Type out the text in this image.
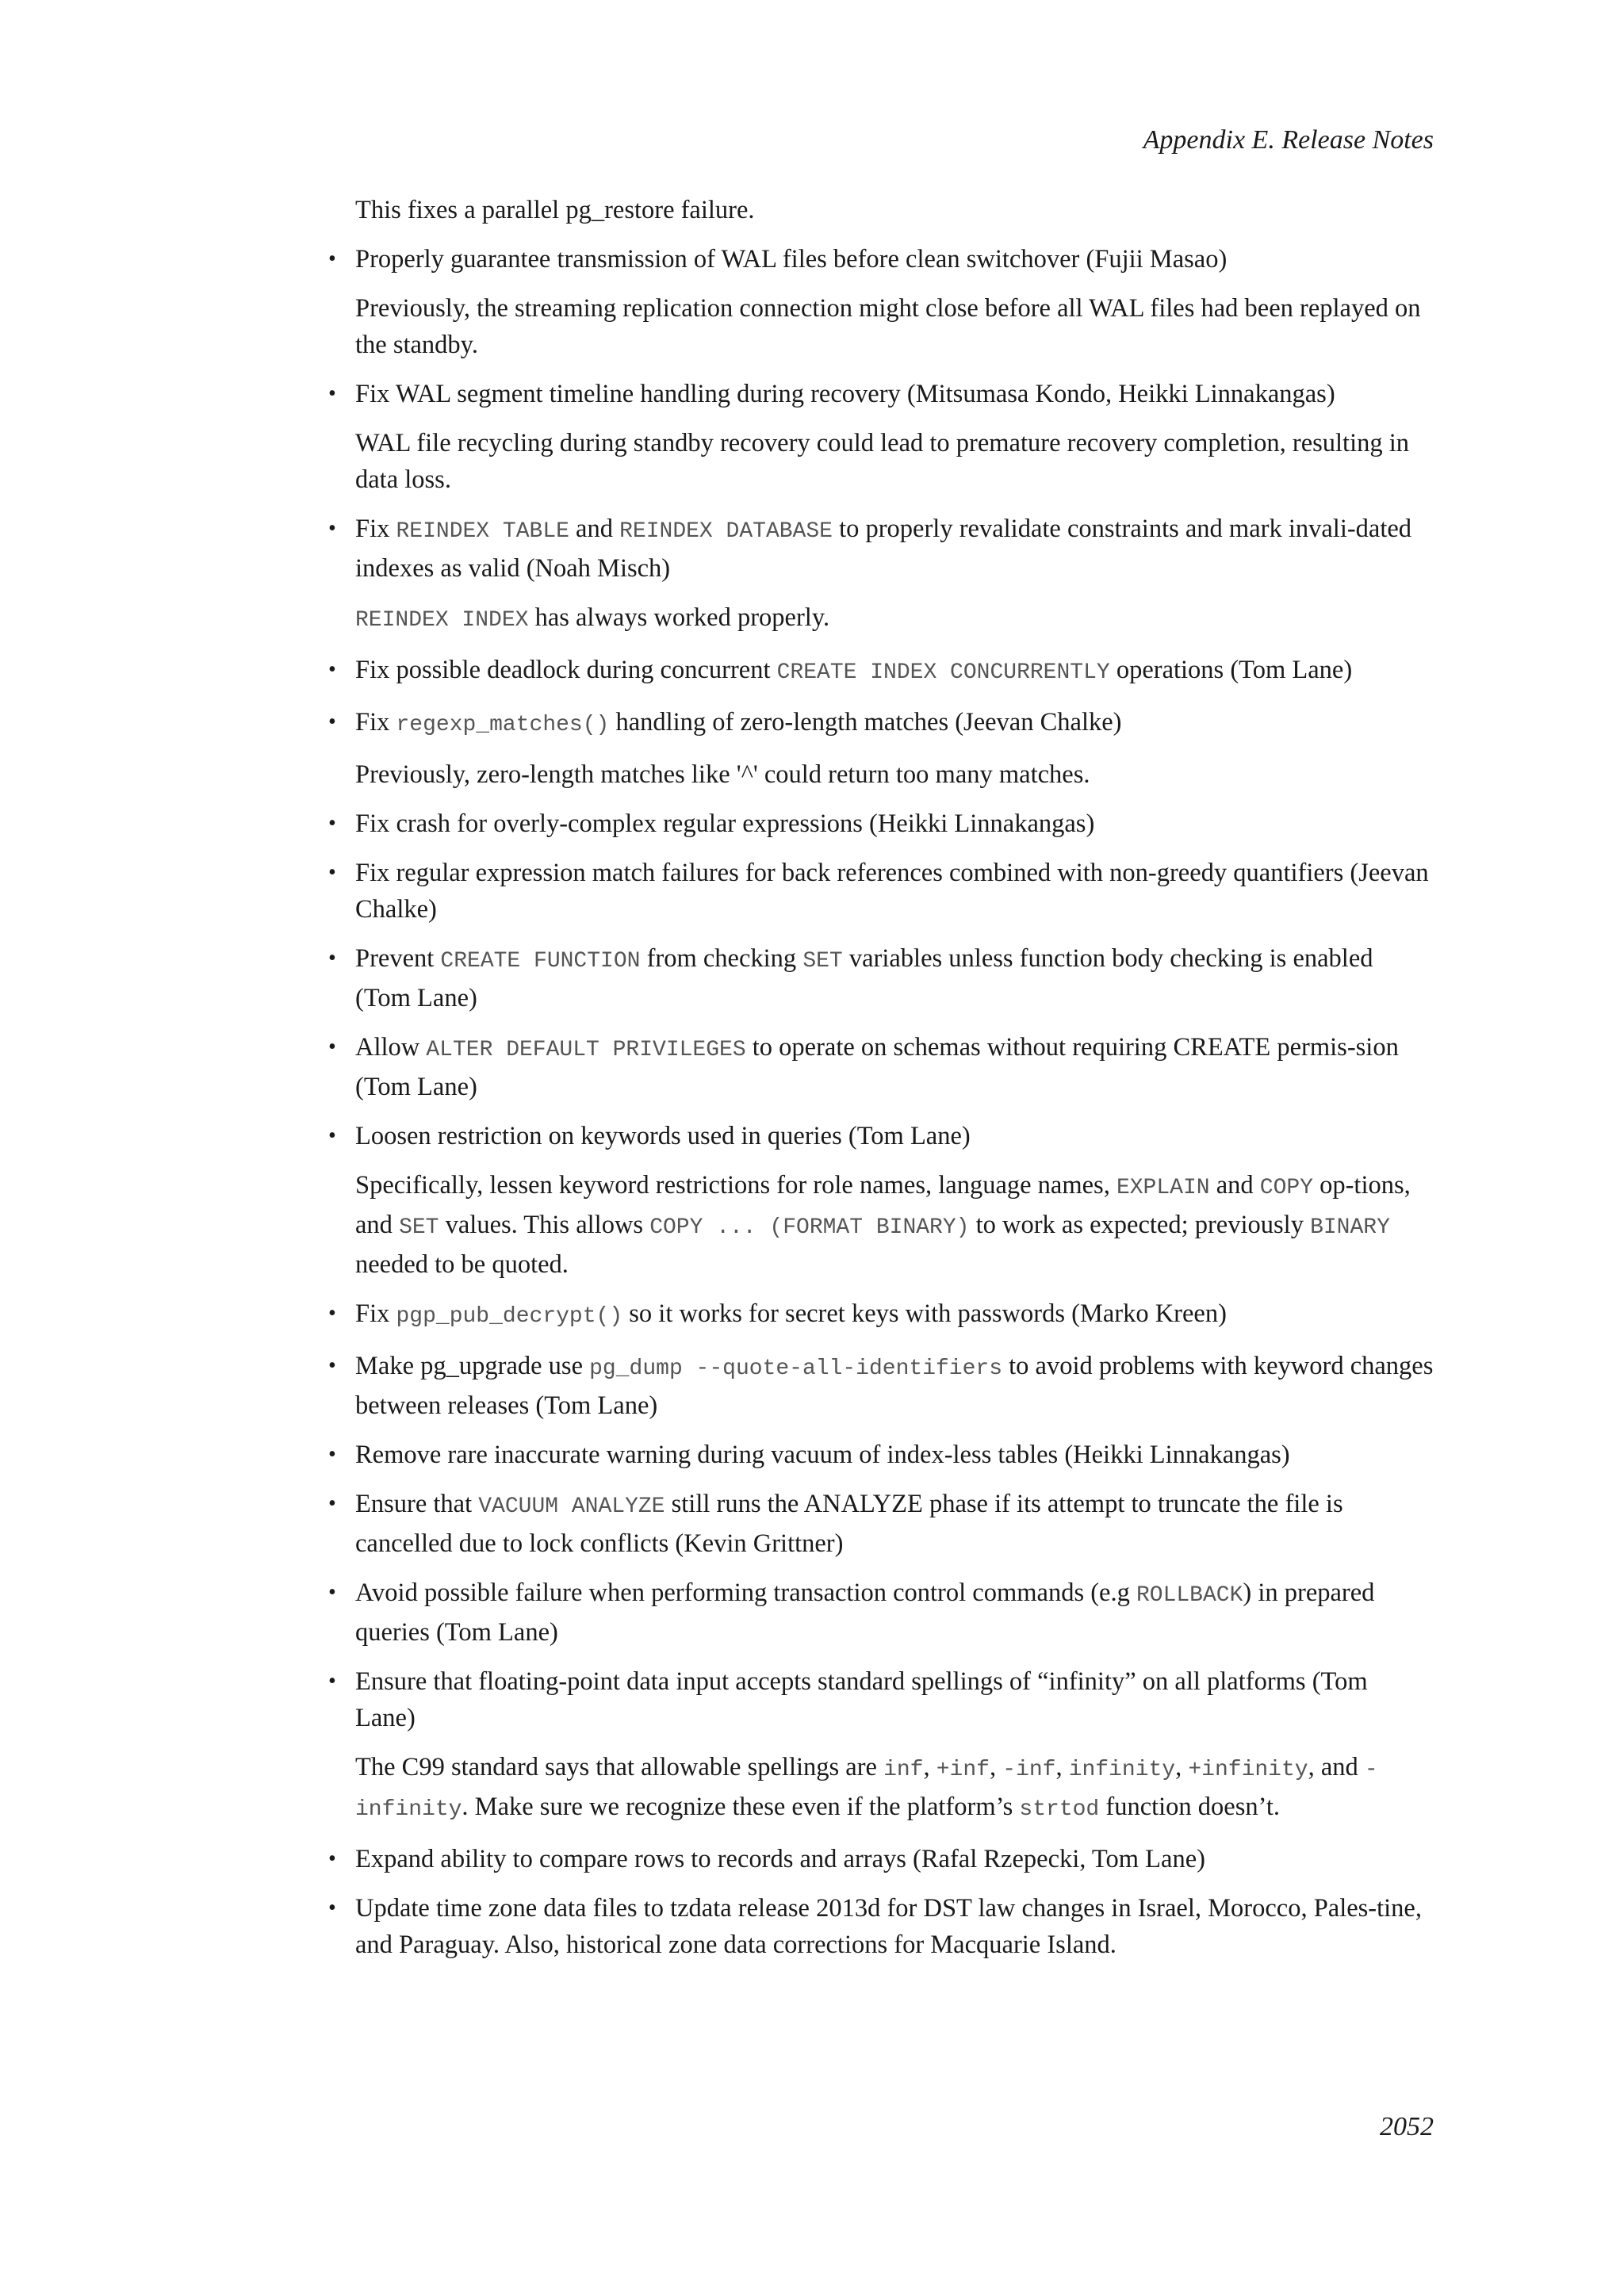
Appendix E. Release Notes

This fixes a parallel pg_restore failure.

• Properly guarantee transmission of WAL files before clean switchover (Fujii Masao)

Previously, the streaming replication connection might close before all WAL files had been replayed on the standby.

• Fix WAL segment timeline handling during recovery (Mitsumasa Kondo, Heikki Linnakangas)

WAL file recycling during standby recovery could lead to premature recovery completion, resulting in data loss.

• Fix REINDEX TABLE and REINDEX DATABASE to properly revalidate constraints and mark invali-dated indexes as valid (Noah Misch)

REINDEX INDEX has always worked properly.

• Fix possible deadlock during concurrent CREATE INDEX CONCURRENTLY operations (Tom Lane)

• Fix regexp_matches() handling of zero-length matches (Jeevan Chalke)

Previously, zero-length matches like '^' could return too many matches.

• Fix crash for overly-complex regular expressions (Heikki Linnakangas)

• Fix regular expression match failures for back references combined with non-greedy quantifiers (Jeevan Chalke)

• Prevent CREATE FUNCTION from checking SET variables unless function body checking is enabled (Tom Lane)

• Allow ALTER DEFAULT PRIVILEGES to operate on schemas without requiring CREATE permis-sion (Tom Lane)

• Loosen restriction on keywords used in queries (Tom Lane)

Specifically, lessen keyword restrictions for role names, language names, EXPLAIN and COPY op-tions, and SET values. This allows COPY ... (FORMAT BINARY) to work as expected; previously BINARY needed to be quoted.

• Fix pgp_pub_decrypt() so it works for secret keys with passwords (Marko Kreen)

• Make pg_upgrade use pg_dump --quote-all-identifiers to avoid problems with keyword changes between releases (Tom Lane)

• Remove rare inaccurate warning during vacuum of index-less tables (Heikki Linnakangas)

• Ensure that VACUUM ANALYZE still runs the ANALYZE phase if its attempt to truncate the file is cancelled due to lock conflicts (Kevin Grittner)

• Avoid possible failure when performing transaction control commands (e.g ROLLBACK) in prepared queries (Tom Lane)

• Ensure that floating-point data input accepts standard spellings of “infinity” on all platforms (Tom Lane)

The C99 standard says that allowable spellings are inf, +inf, -inf, infinity, +infinity, and -infinity. Make sure we recognize these even if the platform’s strtod function doesn’t.

• Expand ability to compare rows to records and arrays (Rafal Rzepecki, Tom Lane)

• Update time zone data files to tzdata release 2013d for DST law changes in Israel, Morocco, Pales-tine, and Paraguay. Also, historical zone data corrections for Macquarie Island.

2052
